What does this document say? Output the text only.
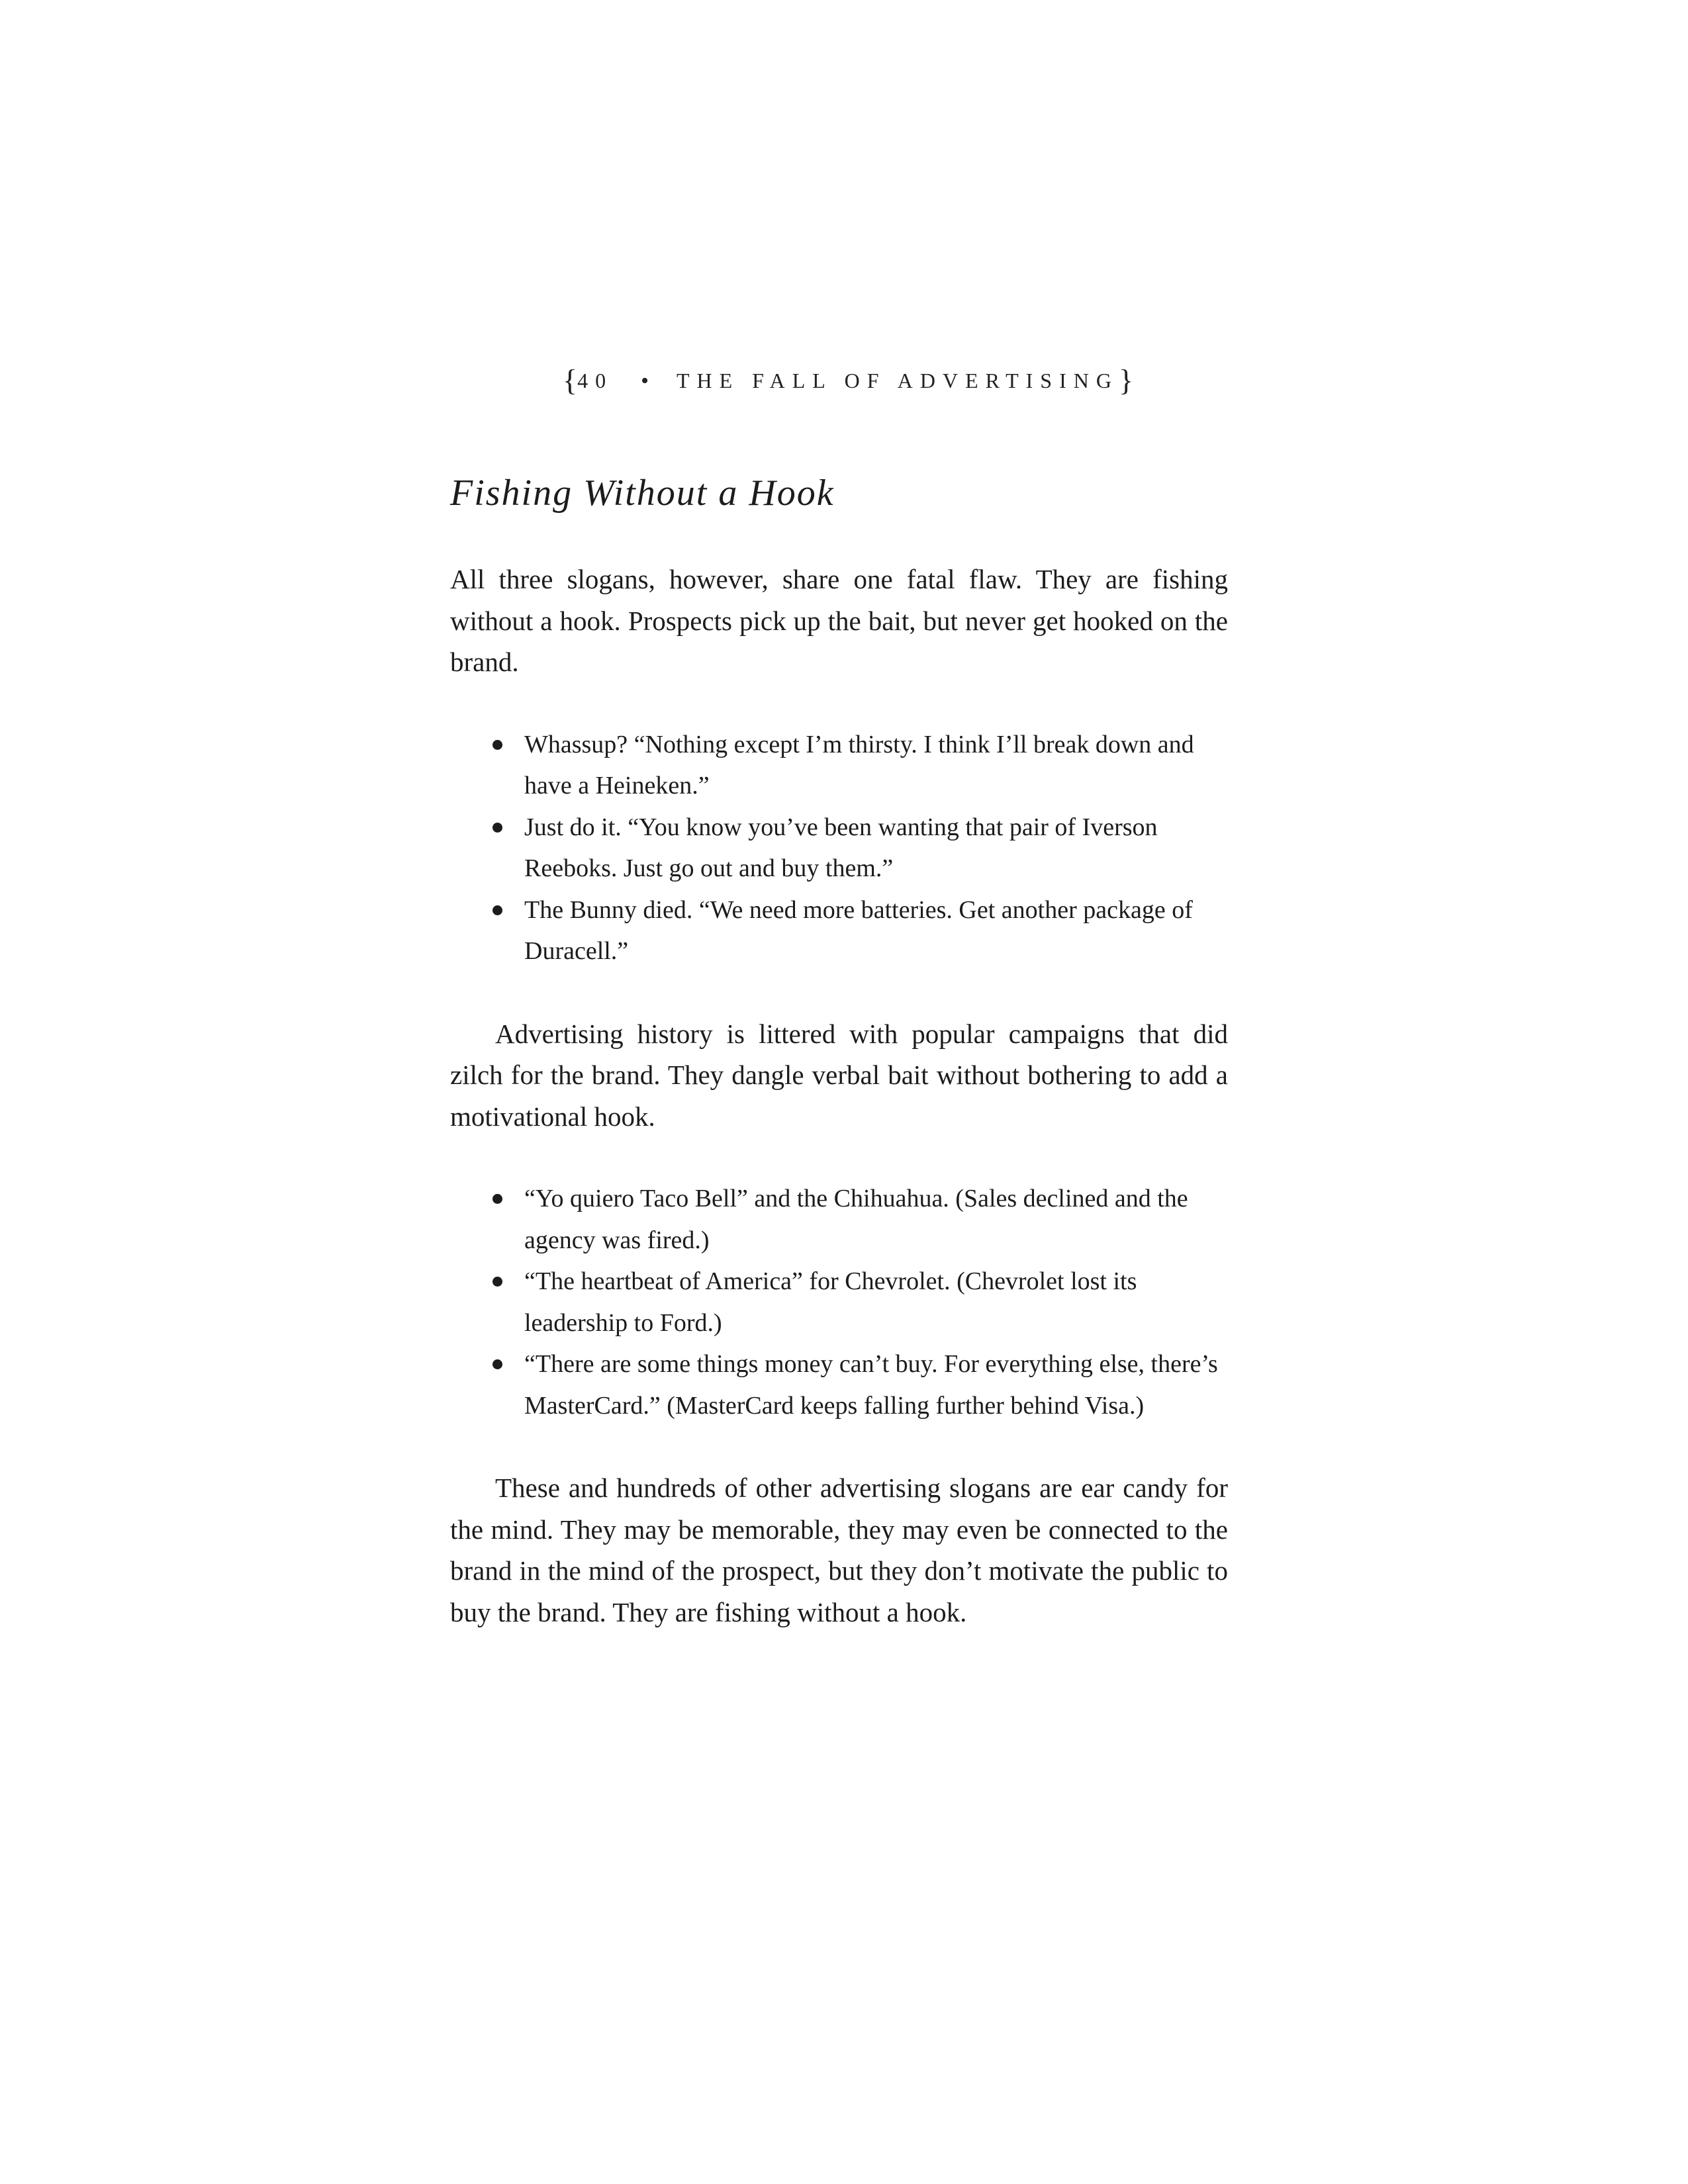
{40 • THE FALL OF ADVERTISING}
Fishing Without a Hook

All three slogans, however, share one fatal flaw. They are fishing without a hook. Prospects pick up the bait, but never get hooked on the brand.

Whassup? “Nothing except I’m thirsty. I think I’ll break down and have a Heineken.”
Just do it. “You know you’ve been wanting that pair of Iverson Reeboks. Just go out and buy them.”
The Bunny died. “We need more batteries. Get another package of Duracell.”

Advertising history is littered with popular campaigns that did zilch for the brand. They dangle verbal bait without bothering to add a motivational hook.

“Yo quiero Taco Bell” and the Chihuahua. (Sales declined and the agency was fired.)
“The heartbeat of America” for Chevrolet. (Chevrolet lost its leadership to Ford.)
“There are some things money can’t buy. For everything else, there’s MasterCard.” (MasterCard keeps falling further behind Visa.)

These and hundreds of other advertising slogans are ear candy for the mind. They may be memorable, they may even be connected to the brand in the mind of the prospect, but they don’t motivate the public to buy the brand. They are fishing without a hook.
